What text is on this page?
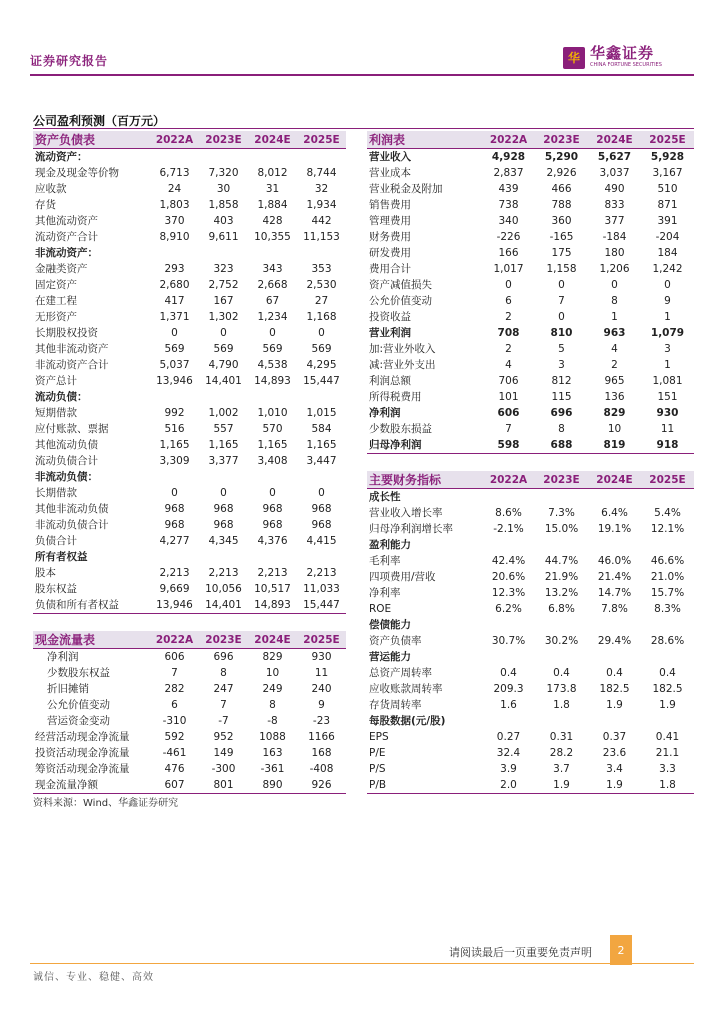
证券研究报告	华 华鑫证券
CHINA FORTUNE SECURITIES
公司盈利预测（百万元）
资产负债表	2022A	2023E	2024E	2025E
流动资产：				
现金及现金等价物	6,713	7,320	8,012	8,744
应收款	24	30	31	32
存货	1,803	1,858	1,884	1,934
其他流动资产	370	403	428	442
流动资产合计	8,910	9,611	10,355	11,153
非流动资产：				
金融类资产	293	323	343	353
固定资产	2,680	2,752	2,668	2,530
在建工程	417	167	67	27
无形资产	1,371	1,302	1,234	1,168
长期股权投资	0	0	0	0
其他非流动资产	569	569	569	569
非流动资产合计	5,037	4,790	4,538	4,295
资产总计	13,946	14,401	14,893	15,447
流动负债：				
短期借款	992	1,002	1,010	1,015
应付账款、票据	516	557	570	584
其他流动负债	1,165	1,165	1,165	1,165
流动负债合计	3,309	3,377	3,408	3,447
非流动负债：				
长期借款	0	0	0	0
其他非流动负债	968	968	968	968
非流动负债合计	968	968	968	968
负债合计	4,277	4,345	4,376	4,415
所有者权益				
股本	2,213	2,213	2,213	2,213
股东权益	9,669	10,056	10,517	11,033
负债和所有者权益	13,946	14,401	14,893	15,447
利润表	2022A	2023E	2024E	2025E
营业收入	4,928	5,290	5,627	5,928
营业成本	2,837	2,926	3,037	3,167
营业税金及附加	439	466	490	510
销售费用	738	788	833	871
管理费用	340	360	377	391
财务费用	-226	-165	-184	-204
研发费用	166	175	180	184
费用合计	1,017	1,158	1,206	1,242
资产减值损失	0	0	0	0
公允价值变动	6	7	8	9
投资收益	2	0	1	1
营业利润	708	810	963	1,079
加:营业外收入	2	5	4	3
减:营业外支出	4	3	2	1
利润总额	706	812	965	1,081
所得税费用	101	115	136	151
净利润	606	696	829	930
少数股东损益	7	8	10	11
归母净利润	598	688	819	918
主要财务指标	2022A	2023E	2024E	2025E
成长性				
营业收入增长率	8.6%	7.3%	6.4%	5.4%
归母净利润增长率	-2.1%	15.0%	19.1%	12.1%
盈利能力				
毛利率	42.4%	44.7%	46.0%	46.6%
四项费用/营收	20.6%	21.9%	21.4%	21.0%
净利率	12.3%	13.2%	14.7%	15.7%
ROE	6.2%	6.8%	7.8%	8.3%
偿债能力				
资产负债率	30.7%	30.2%	29.4%	28.6%
营运能力				
总资产周转率	0.4	0.4	0.4	0.4
应收账款周转率	209.3	173.8	182.5	182.5
存货周转率	1.6	1.8	1.9	1.9
每股数据(元/股)				
EPS	0.27	0.31	0.37	0.41
P/E	32.4	28.2	23.6	21.1
P/S	3.9	3.7	3.4	3.3
P/B	2.0	1.9	1.9	1.8
现金流量表	2022A	2023E	2024E	2025E
净利润	606	696	829	930
少数股东权益	7	8	10	11
折旧摊销	282	247	249	240
公允价值变动	6	7	8	9
营运资金变动	-310	-7	-8	-23
经营活动现金净流量	592	952	1088	1166
投资活动现金净流量	-461	149	163	168
筹资活动现金净流量	476	-300	-361	-408
现金流量净额	607	801	890	926
资料来源：Wind、华鑫证券研究
请阅读最后一页重要免责声明	2
诚信、专业、稳健、高效
